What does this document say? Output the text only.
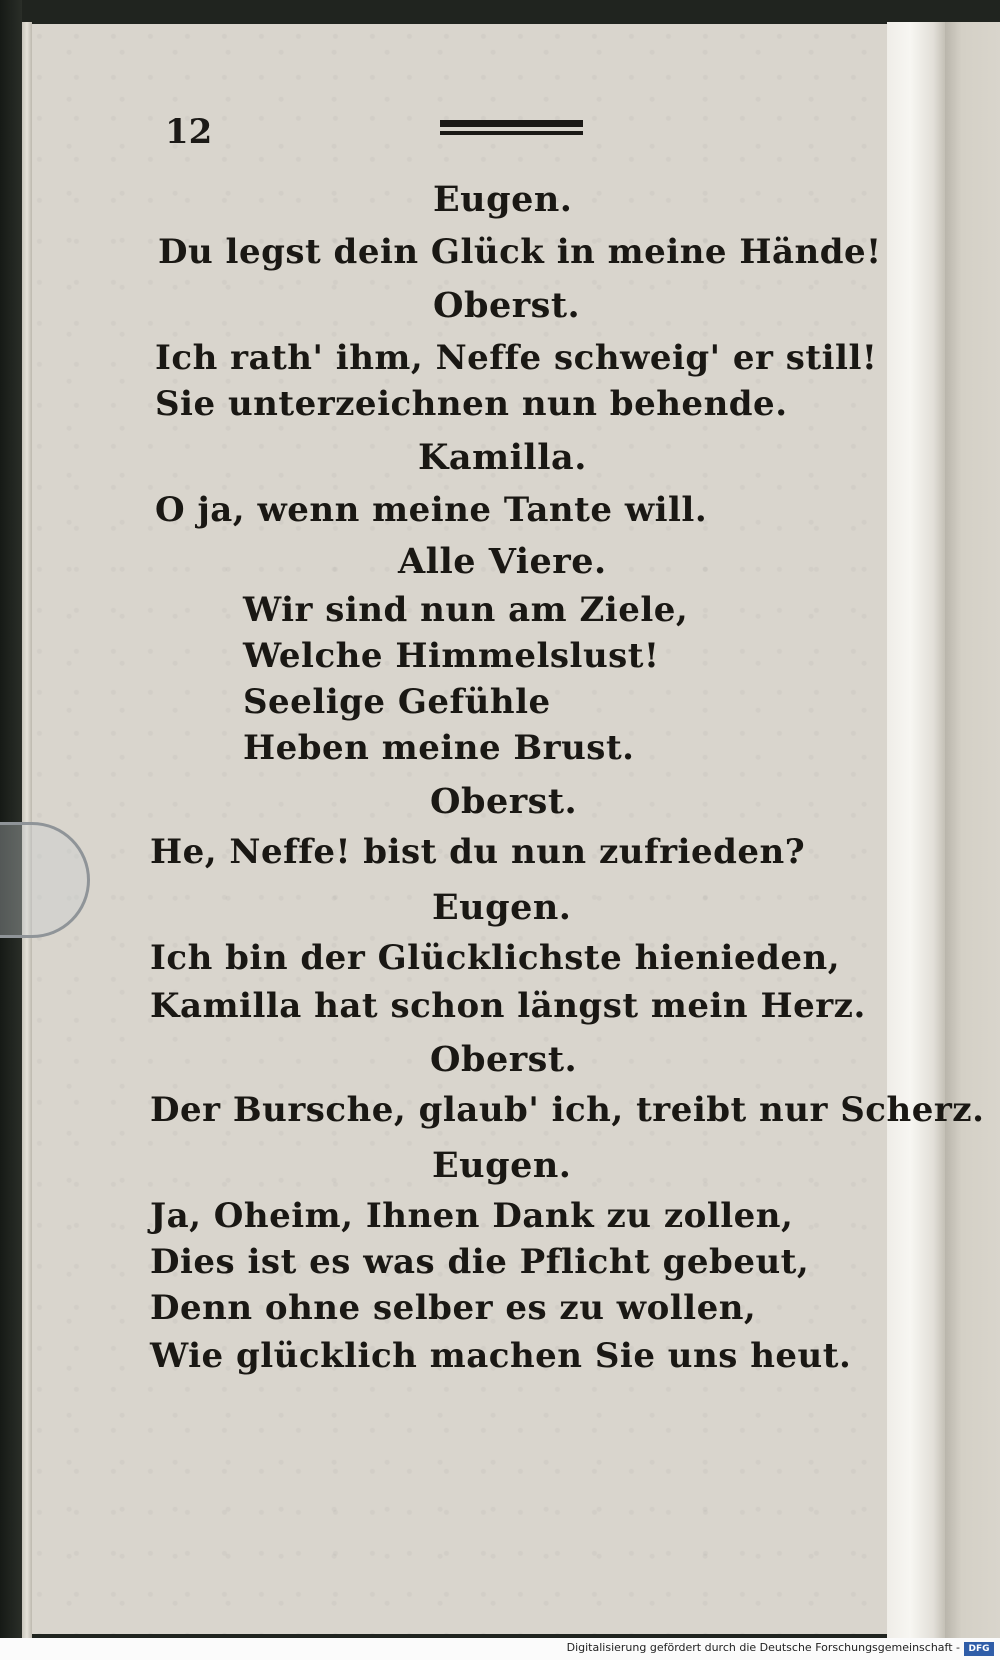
12
Eugen.
Du legst dein Glück in meine Hände!
Oberst.
Ich rath' ihm, Neffe schweig' er still!
Sie unterzeichnen nun behende.
Kamilla.
O ja, wenn meine Tante will.
Alle Viere.
Wir sind nun am Ziele,
Welche Himmelslust!
Seelige Gefühle
Heben meine Brust.
Oberst.
He, Neffe! bist du nun zufrieden?
Eugen.
Ich bin der Glücklichste hienieden,
Kamilla hat schon längst mein Herz.
Oberst.
Der Bursche, glaub' ich, treibt nur Scherz.
Eugen.
Ja, Oheim, Ihnen Dank zu zollen,
Dies ist es was die Pflicht gebeut,
Denn ohne selber es zu wollen,
Wie glücklich machen Sie uns heut.
Digitalisierung gefördert durch die Deutsche Forschungsgemeinschaft - DFG
